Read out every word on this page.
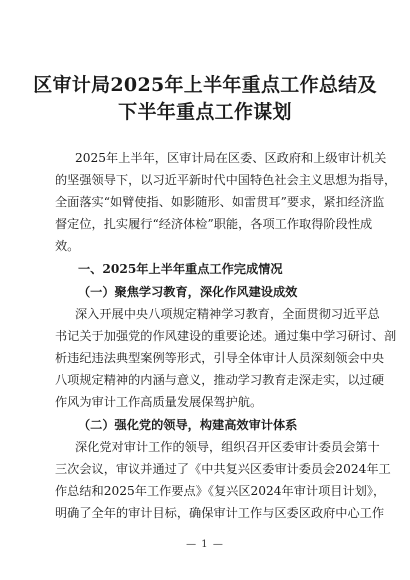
区审计局2025年上半年重点工作总结及
下半年重点工作谋划
2025年上半年，区审计局在区委、区政府和上级审计机关
的坚强领导下，以习近平新时代中国特色社会主义思想为指导，
全面落实“如臂使指、如影随形、如雷贯耳”要求，紧扣经济监
督定位，扎实履行“经济体检”职能，各项工作取得阶段性成
效。
一、2025年上半年重点工作完成情况
（一）聚焦学习教育，深化作风建设成效
深入开展中央八项规定精神学习教育，全面贯彻习近平总
书记关于加强党的作风建设的重要论述。通过集中学习研讨、剖
析违纪违法典型案例等形式，引导全体审计人员深刻领会中央
八项规定精神的内涵与意义，推动学习教育走深走实，以过硬
作风为审计工作高质量发展保驾护航。
（二）强化党的领导，构建高效审计体系
深化党对审计工作的领导，组织召开区委审计委员会第十
三次会议，审议并通过了《中共复兴区委审计委员会2024年工
作总结和2025年工作要点》《复兴区2024年审计项目计划》，
明确了全年的审计目标，确保审计工作与区委区政府中心工作
— 1 —
